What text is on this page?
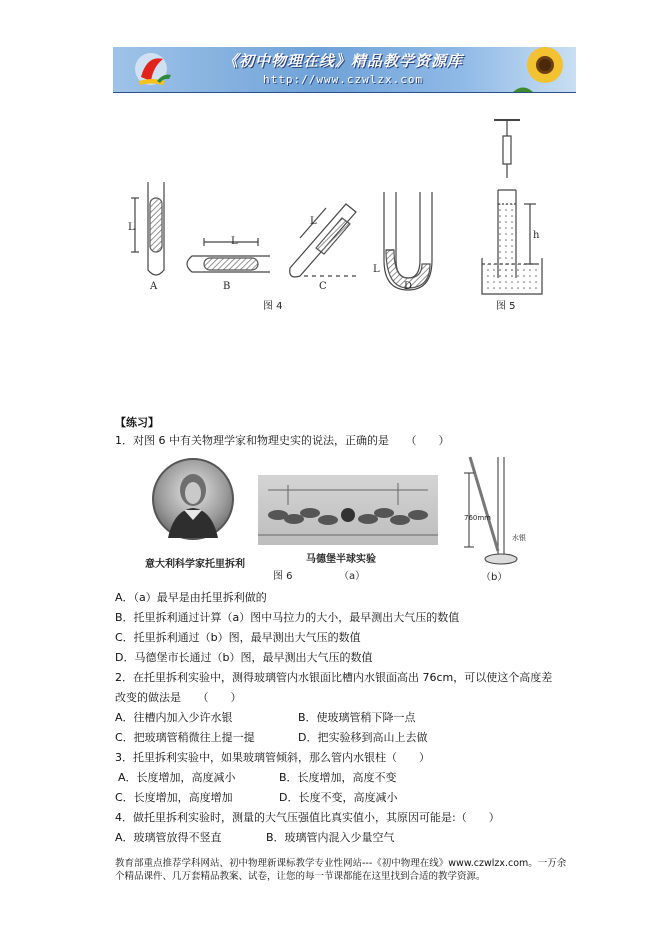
《初中物理在线》精品教学资源库
http://www.czwlzx.com
L
L
L
L
h
A	B	C	D
图 4	图 5
【练习】
1．对图 6 中有关物理学家和物理史实的说法，正确的是　　（　　）
意大利科学家托里拆利	马德堡半球实验
图 6	（a）
760mm
水银
（b）
A．（a）最早是由托里拆利做的
B．托里拆利通过计算（a）图中马拉力的大小，最早测出大气压的数值
C．托里拆利通过（b）图，最早测出大气压的数值
D．马德堡市长通过（b）图，最早测出大气压的数值
2．在托里拆利实验中，测得玻璃管内水银面比槽内水银面高出 76cm，可以使这个高度差
改变的做法是　　（　　）
A．往槽内加入少许水银	B．使玻璃管稍下降一点
C．把玻璃管稍微往上提一提	D．把实验移到高山上去做
3．托里拆利实验中，如果玻璃管倾斜，那么管内水银柱（　　）
A．长度增加，高度减小	B．长度增加，高度不变
C．长度增加，高度增加	D．长度不变，高度减小
4．做托里拆利实验时，测量的大气压强值比真实值小，其原因可能是:（　　）
A．玻璃管放得不竖直	B．玻璃管内混入少量空气
教育部重点推荐学科网站、初中物理新课标教学专业性网站---《初中物理在线》www.czwlzx.com。一万余
个精品课件、几万套精品教案、试卷，让您的每一节课都能在这里找到合适的教学资源。
